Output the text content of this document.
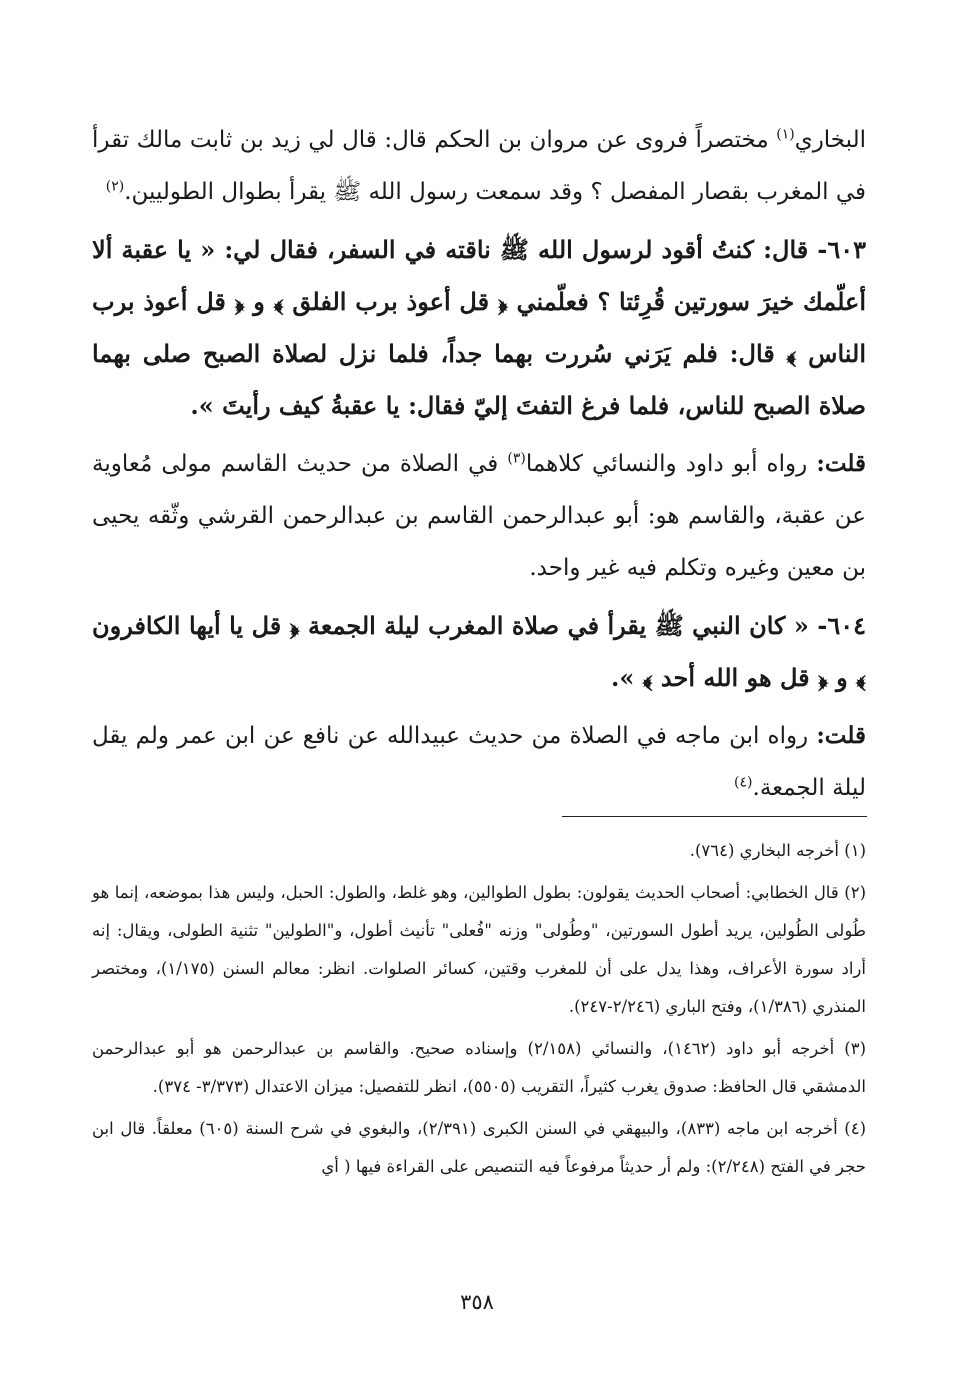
البخاري$^{(١)}$ مختصراً فروى عن مروان بن الحكم قال: قال لي زيد بن ثابت مالك تقرأ في المغرب بقصار المفصل ؟ وقد سمعت رسول الله ﷺ يقرأ بطوال الطوليين.$^{(٢)}$

٦٠٣- قال: كنتُ أقود لرسول الله ﷺ ناقته في السفر، فقال لي: « يا عقبة ألا أعلّمك خيرَ سورتين قُرِئتا ؟ فعلّمني ﴿ قل أعوذ برب الفلق ﴾ و ﴿ قل أعوذ برب الناس ﴾ قال: فلم يَرَني سُررت بهما جداً، فلما نزل لصلاة الصبح صلى بهما صلاة الصبح للناس، فلما فرغ التفتَ إليّ فقال: يا عقبةُ كيف رأيتَ ».

قلت: رواه أبو داود والنسائي كلاهما$^{(٣)}$ في الصلاة من حديث القاسم مولى مُعاوية عن عقبة، والقاسم هو: أبو عبدالرحمن القاسم بن عبدالرحمن القرشي وثّقه يحيى بن معين وغيره وتكلم فيه غير واحد.

٦٠٤- « كان النبي ﷺ يقرأ في صلاة المغرب ليلة الجمعة ﴿ قل يا أيها الكافرون ﴾ و ﴿ قل هو الله أحد ﴾ ».

قلت: رواه ابن ماجه في الصلاة من حديث عبيدالله عن نافع عن ابن عمر ولم يقل ليلة الجمعة.$^{(٤)}$

(١) أخرجه البخاري (٧٦٤).

(٢) قال الخطابي: أصحاب الحديث يقولون: بطول الطوالين، وهو غلط، والطول: الحبل، وليس هذا بموضعه، إنما هو طُولى الطُولين، يريد أطول السورتين، "وطُولى" وزنه "فُعلى" تأنيث أطول، و"الطولين" تثنية الطولى، ويقال: إنه أراد سورة الأعراف، وهذا يدل على أن للمغرب وقتين، كسائر الصلوات. انظر: معالم السنن (١/١٧٥)، ومختصر المنذري (١/٣٨٦)، وفتح الباري (٢/٢٤٦-٢٤٧).

(٣) أخرجه أبو داود (١٤٦٢)، والنسائي (٢/١٥٨) وإسناده صحيح. والقاسم بن عبدالرحمن هو أبو عبدالرحمن الدمشقي قال الحافظ: صدوق يغرب كثيراً، التقريب (٥٥٠٥)، انظر للتفصيل: ميزان الاعتدال (٣/٣٧٣- ٣٧٤).

(٤) أخرجه ابن ماجه (٨٣٣)، والبيهقي في السنن الكبرى (٢/٣٩١)، والبغوي في شرح السنة (٦٠٥) معلقاً. قال ابن حجر في الفتح (٢/٢٤٨): ولم أر حديثاً مرفوعاً فيه التنصيص على القراءة فيها ( أي

٣٥٨
